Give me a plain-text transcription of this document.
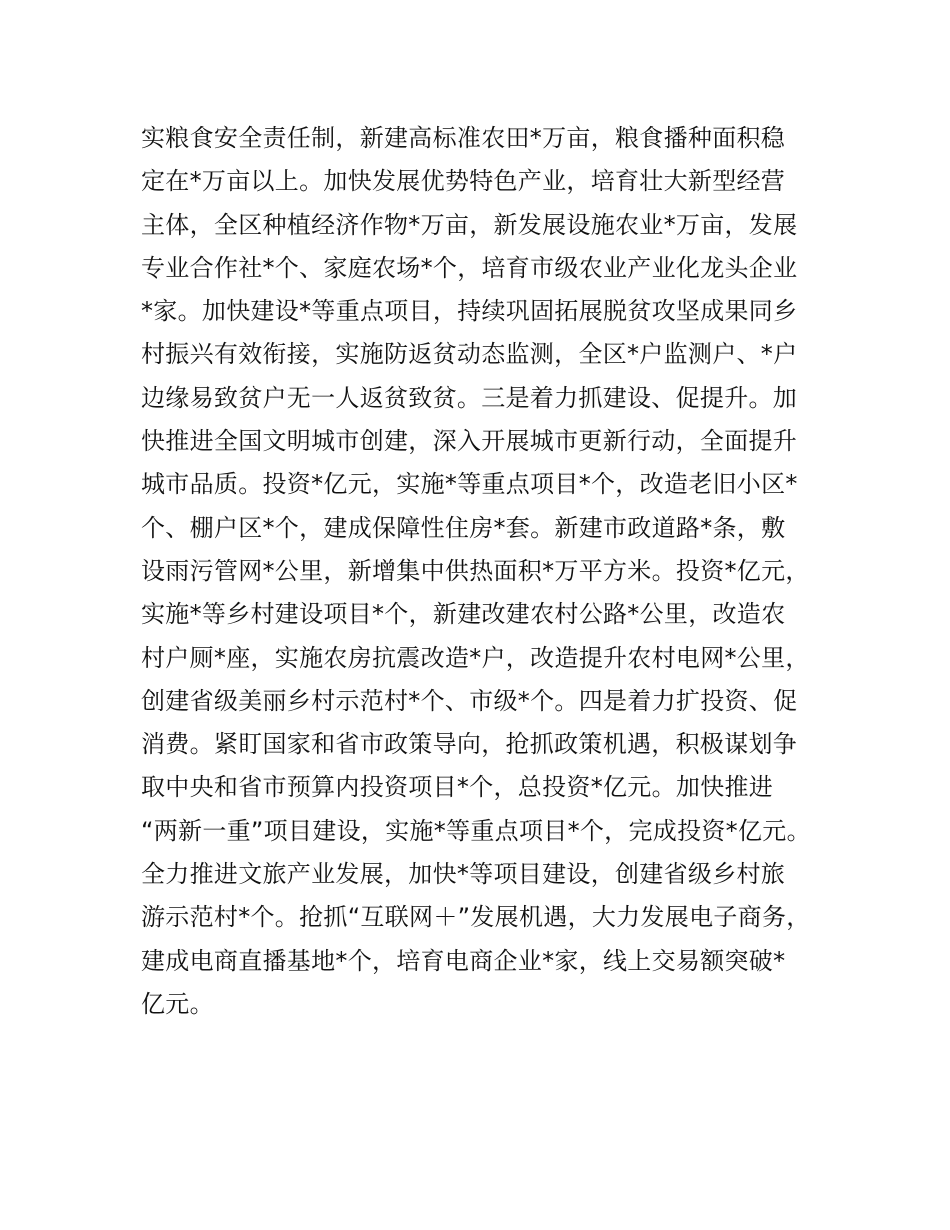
实粮食安全责任制，新建高标准农田*万亩，粮食播种面积稳
定在*万亩以上。加快发展优势特色产业，培育壮大新型经营
主体，全区种植经济作物*万亩，新发展设施农业*万亩，发展
专业合作社*个、家庭农场*个，培育市级农业产业化龙头企业
*家。加快建设*等重点项目，持续巩固拓展脱贫攻坚成果同乡
村振兴有效衔接，实施防返贫动态监测，全区*户监测户、*户
边缘易致贫户无一人返贫致贫。三是着力抓建设、促提升。加
快推进全国文明城市创建，深入开展城市更新行动，全面提升
城市品质。投资*亿元，实施*等重点项目*个，改造老旧小区*
个、棚户区*个，建成保障性住房*套。新建市政道路*条，敷
设雨污管网*公里，新增集中供热面积*万平方米。投资*亿元，
实施*等乡村建设项目*个，新建改建农村公路*公里，改造农
村户厕*座，实施农房抗震改造*户，改造提升农村电网*公里，
创建省级美丽乡村示范村*个、市级*个。四是着力扩投资、促
消费。紧盯国家和省市政策导向，抢抓政策机遇，积极谋划争
取中央和省市预算内投资项目*个，总投资*亿元。加快推进
“两新一重”项目建设，实施*等重点项目*个，完成投资*亿元。
全力推进文旅产业发展，加快*等项目建设，创建省级乡村旅
游示范村*个。抢抓“互联网＋”发展机遇，大力发展电子商务，
建成电商直播基地*个，培育电商企业*家，线上交易额突破*
亿元。
